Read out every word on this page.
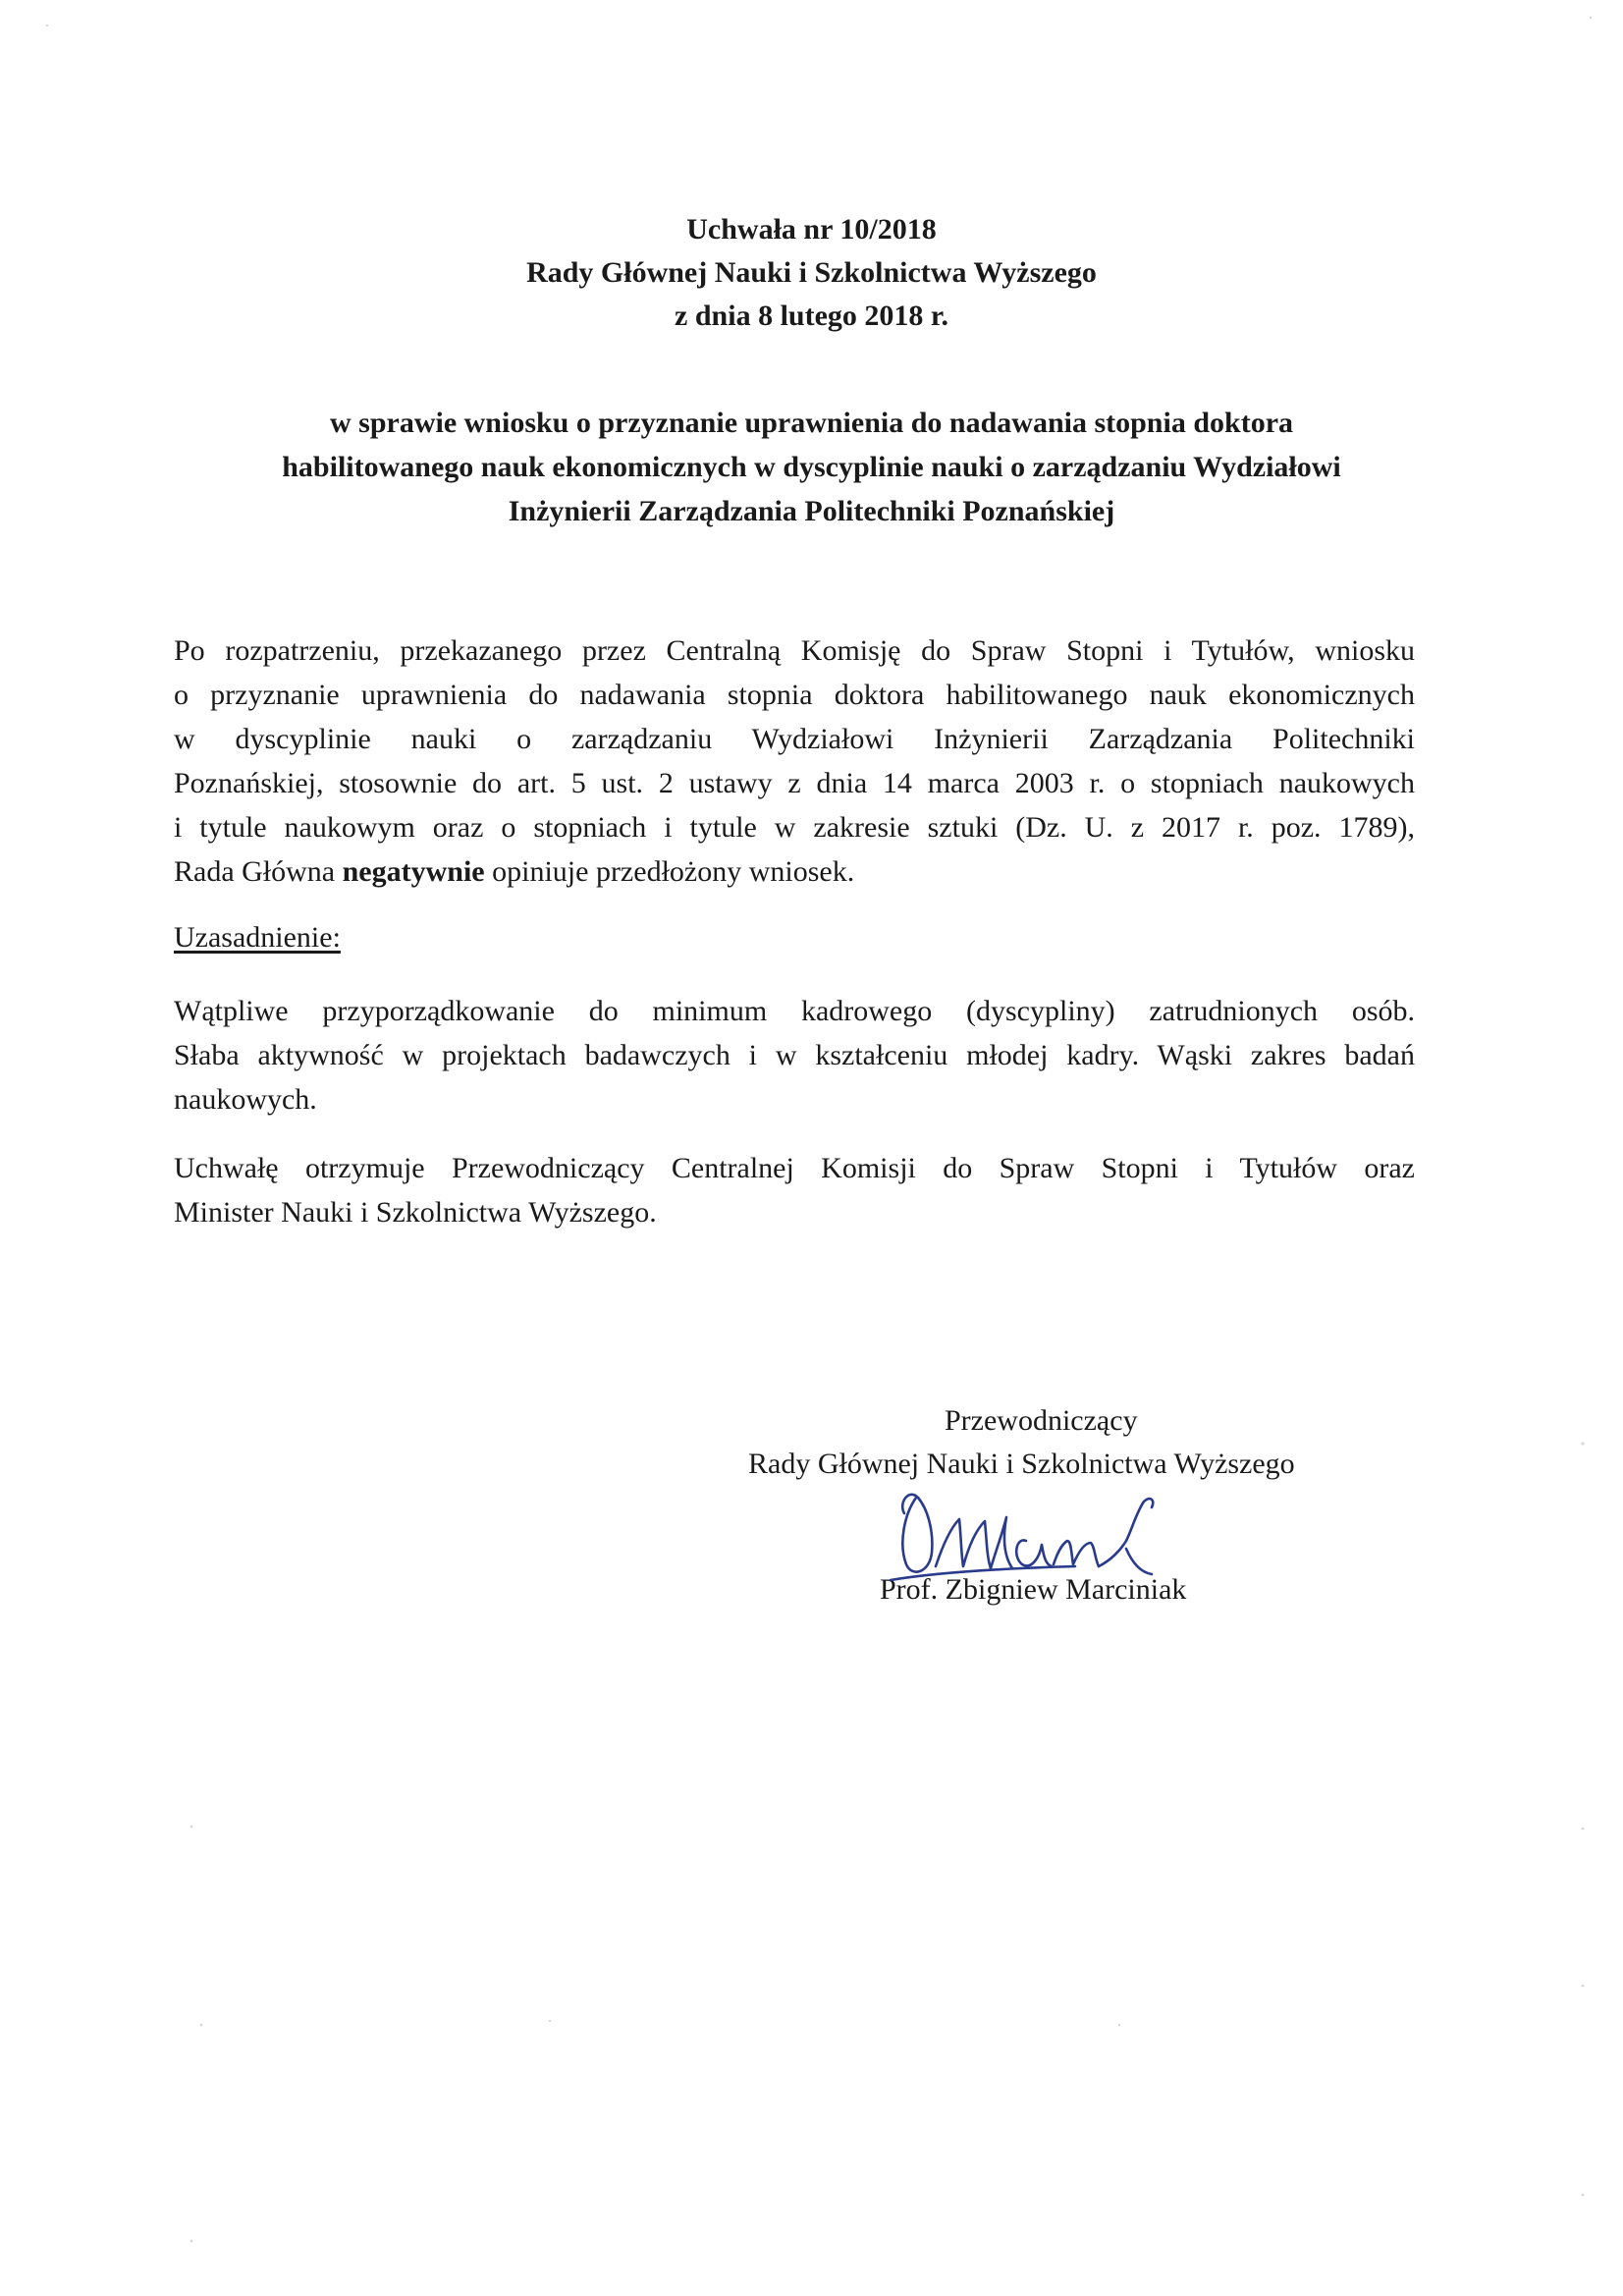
Uchwała nr 10/2018
Rady Głównej Nauki i Szkolnictwa Wyższego
z dnia 8 lutego 2018 r.
w sprawie wniosku o przyznanie uprawnienia do nadawania stopnia doktora
habilitowanego nauk ekonomicznych w dyscyplinie nauki o zarządzaniu Wydziałowi
Inżynierii Zarządzania Politechniki Poznańskiej
Po rozpatrzeniu, przekazanego przez Centralną Komisję do Spraw Stopni i Tytułów, wniosku
o przyznanie uprawnienia do nadawania stopnia doktora habilitowanego nauk ekonomicznych
w dyscyplinie nauki o zarządzaniu Wydziałowi Inżynierii Zarządzania Politechniki
Poznańskiej, stosownie do art. 5 ust. 2 ustawy z dnia 14 marca 2003 r. o stopniach naukowych
i tytule naukowym oraz o stopniach i tytule w zakresie sztuki (Dz. U. z 2017 r. poz. 1789),
Rada Główna negatywnie opiniuje przedłożony wniosek.
Uzasadnienie:
Wątpliwe przyporządkowanie do minimum kadrowego (dyscypliny) zatrudnionych osób.
Słaba aktywność w projektach badawczych i w kształceniu młodej kadry. Wąski zakres badań
naukowych.
Uchwałę otrzymuje Przewodniczący Centralnej Komisji do Spraw Stopni i Tytułów oraz
Minister Nauki i Szkolnictwa Wyższego.
Przewodniczący
Rady Głównej Nauki i Szkolnictwa Wyższego
Prof. Zbigniew Marciniak
